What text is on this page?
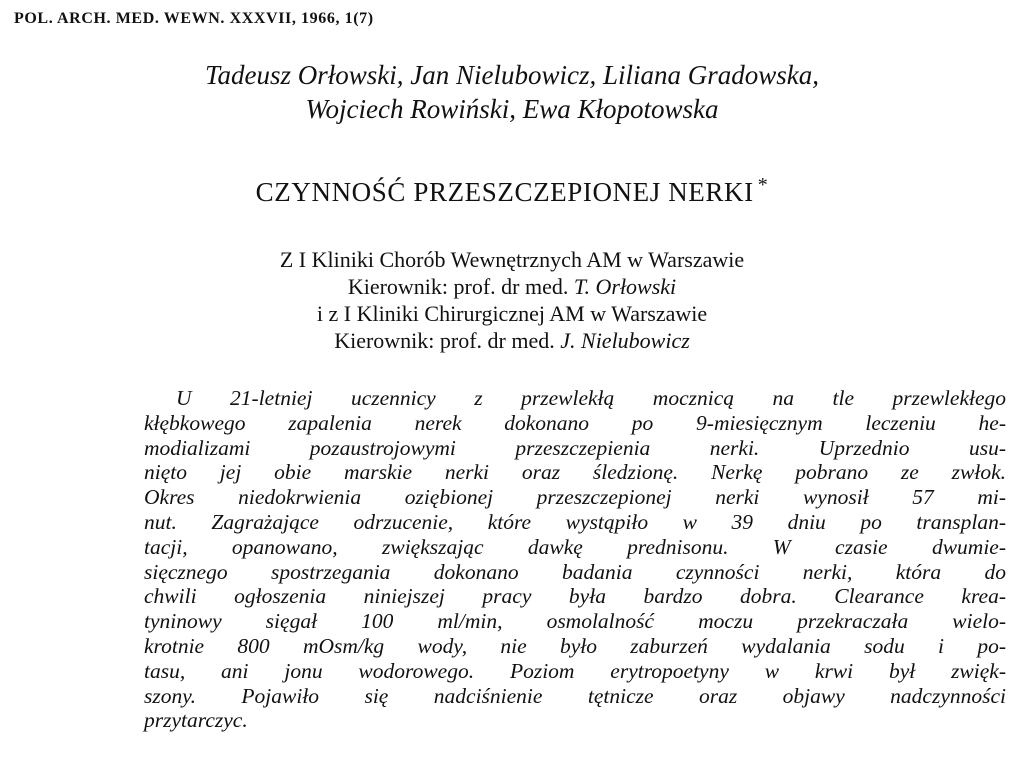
POL. ARCH. MED. WEWN. XXXVII, 1966, 1(7)
Tadeusz Orłowski, Jan Nielubowicz, Liliana Gradowska,
Wojciech Rowiński, Ewa Kłopotowska
CZYNNOŚĆ PRZESZCZEPIONEJ NERKI *
Z I Kliniki Chorób Wewnętrznych AM w Warszawie
Kierownik: prof. dr med. T. Orłowski
i z I Kliniki Chirurgicznej AM w Warszawie
Kierownik: prof. dr med. J. Nielubowicz
U 21-letniej uczennicy z przewlekłą mocznicą na tle przewlekłego
kłębkowego zapalenia nerek dokonano po 9-miesięcznym leczeniu he-
modializami pozaustrojowymi przeszczepienia nerki. Uprzednio usu-
nięto jej obie marskie nerki oraz śledzionę. Nerkę pobrano ze zwłok.
Okres niedokrwienia oziębionej przeszczepionej nerki wynosił 57 mi-
nut. Zagrażające odrzucenie, które wystąpiło w 39 dniu po transplan-
tacji, opanowano, zwiększając dawkę prednisonu. W czasie dwumie-
sięcznego spostrzegania dokonano badania czynności nerki, która do
chwili ogłoszenia niniejszej pracy była bardzo dobra. Clearance krea-
tyninowy sięgał 100 ml/min, osmolalność moczu przekraczała wielo-
krotnie 800 mOsm/kg wody, nie było zaburzeń wydalania sodu i po-
tasu, ani jonu wodorowego. Poziom erytropoetyny w krwi był zwięk-
szony. Pojawiło się nadciśnienie tętnicze oraz objawy nadczynności
przytarczyc.
